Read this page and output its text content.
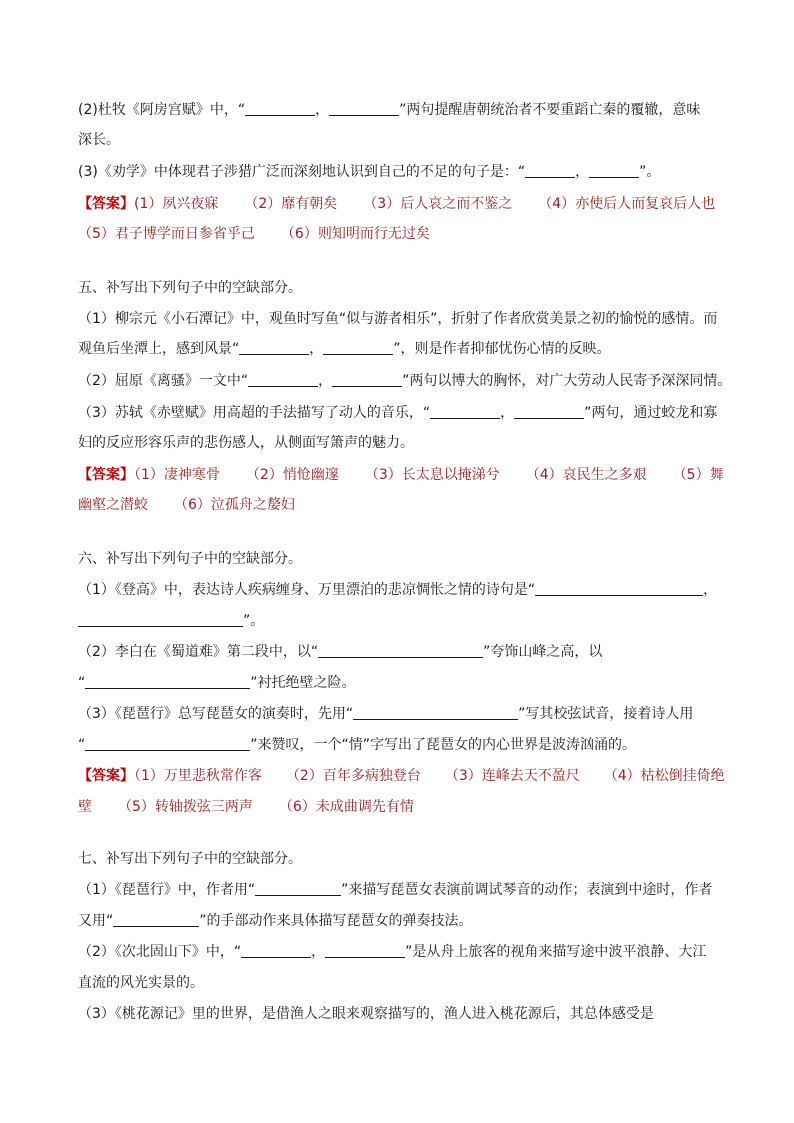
(2)杜牧《阿房宫赋》中，“	，	”两句提醒唐朝统治者不要重蹈亡秦的覆辙，意味
深长。
(3)《劝学》中体现君子涉猎广泛而深刻地认识到自己的不足的句子是：“	，	”。
【答案】(1）夙兴夜寐 （2）靡有朝矣 （3）后人哀之而不鉴之 （4）亦使后人而复哀后人也
（5）君子博学而日参省乎己 （6）则知明而行无过矣
五、补写出下列句子中的空缺部分。
（1）柳宗元《小石潭记》中，观鱼时写鱼“似与游者相乐”，折射了作者欣赏美景之初的愉悦的感情。而
观鱼后坐潭上，感到风景“	，	”，则是作者抑郁忧伤心情的反映。
（2）屈原《离骚》一文中“	，	”两句以博大的胸怀，对广大劳动人民寄予深深同情。
（3）苏轼《赤壁赋》用高超的手法描写了动人的音乐，“	，	”两句，通过蛟龙和寡
妇的反应形容乐声的悲伤感人，从侧面写箫声的魅力。
【答案】（1）凄神寒骨 （2）悄怆幽邃 （3）长太息以掩涕兮 （4）哀民生之多艰 （5）舞
幽壑之潜蛟 （6）泣孤舟之嫠妇
六、补写出下列句子中的空缺部分。
（1）《登高》中，表达诗人疾病缠身、万里漂泊的悲凉惆怅之情的诗句是“	，
”。
（2）李白在《蜀道难》第二段中，以“	”夸饰山峰之高，以
“	”衬托绝壁之险。
（3）《琵琶行》总写琵琶女的演奏时，先用“	”写其校弦试音，接着诗人用
“	”来赞叹，一个“情”字写出了琵琶女的内心世界是波涛汹涌的。
【答案】（1）万里悲秋常作客 （2）百年多病独登台 （3）连峰去天不盈尺 （4）枯松倒挂倚绝
壁 （5）转轴拨弦三两声 （6）未成曲调先有情
七、补写出下列句子中的空缺部分。
（1）《琵琶行》中，作者用“	”来描写琵琶女表演前调试琴音的动作；表演到中途时，作者
又用“	”的手部动作来具体描写琵琶女的弹奏技法。
（2）《次北固山下》中，“	，	”是从舟上旅客的视角来描写途中波平浪静、大江
直流的风光实景的。
（3）《桃花源记》里的世界，是借渔人之眼来观察描写的，渔人进入桃花源后，其总体感受是
